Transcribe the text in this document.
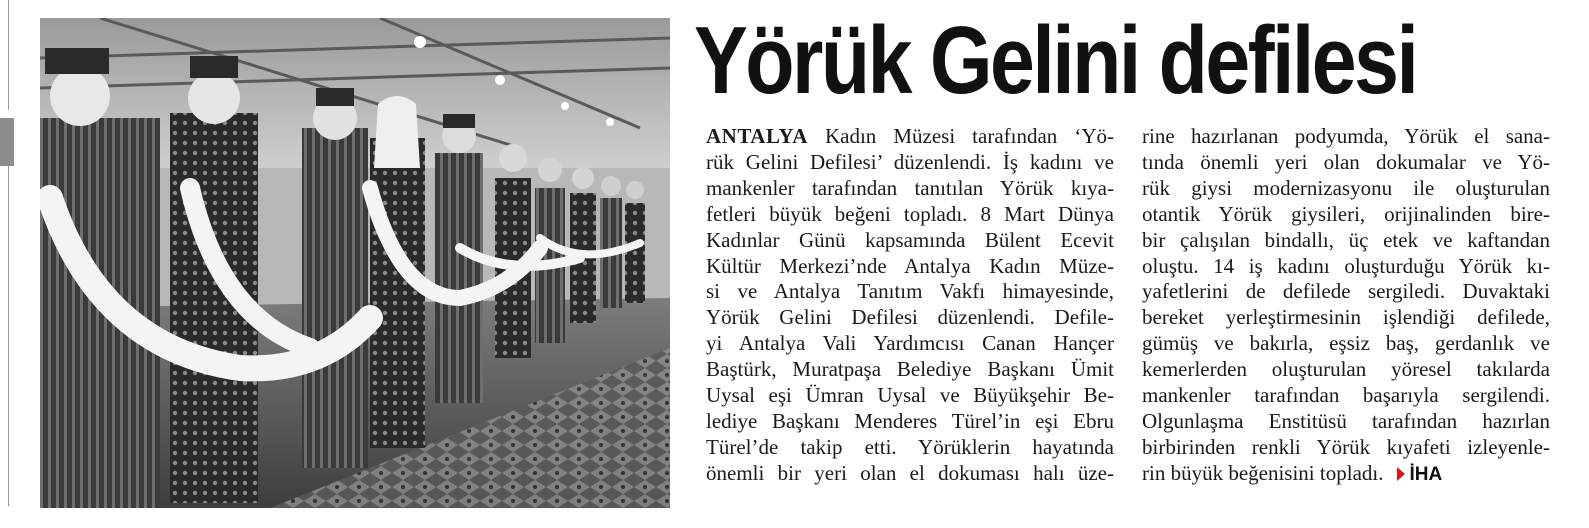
Yörük Gelini defilesi
ANTALYA Kadın Müzesi tarafından ‘Yö-
rük Gelini Defilesi’ düzenlendi. İş kadını ve
mankenler tarafından tanıtılan Yörük kıya-
fetleri büyük beğeni topladı. 8 Mart Dünya
Kadınlar Günü kapsamında Bülent Ecevit
Kültür Merkezi’nde Antalya Kadın Müze-
si ve Antalya Tanıtım Vakfı himayesinde,
Yörük Gelini Defilesi düzenlendi. Defile-
yi Antalya Vali Yardımcısı Canan Hançer
Baştürk, Muratpaşa Belediye Başkanı Ümit
Uysal eşi Ümran Uysal ve Büyükşehir Be-
lediye Başkanı Menderes Türel’in eşi Ebru
Türel’de takip etti. Yörüklerin hayatında
önemli bir yeri olan el dokuması halı üze-
rine hazırlanan podyumda, Yörük el sana-
tında önemli yeri olan dokumalar ve Yö-
rük giysi modernizasyonu ile oluşturulan
otantik Yörük giysileri, orijinalinden bire-
bir çalışılan bindallı, üç etek ve kaftandan
oluştu. 14 iş kadını oluşturduğu Yörük kı-
yafetlerini de defilede sergiledi. Duvaktaki
bereket yerleştirmesinin işlendiği defilede,
gümüş ve bakırla, eşsiz baş, gerdanlık ve
kemerlerden oluşturulan yöresel takılarda
mankenler tarafından başarıyla sergilendi.
Olgunlaşma Enstitüsü tarafından hazırlan
birbirinden renkli Yörük kıyafeti izleyenle-
rin büyük beğenisini topladı. İHA
